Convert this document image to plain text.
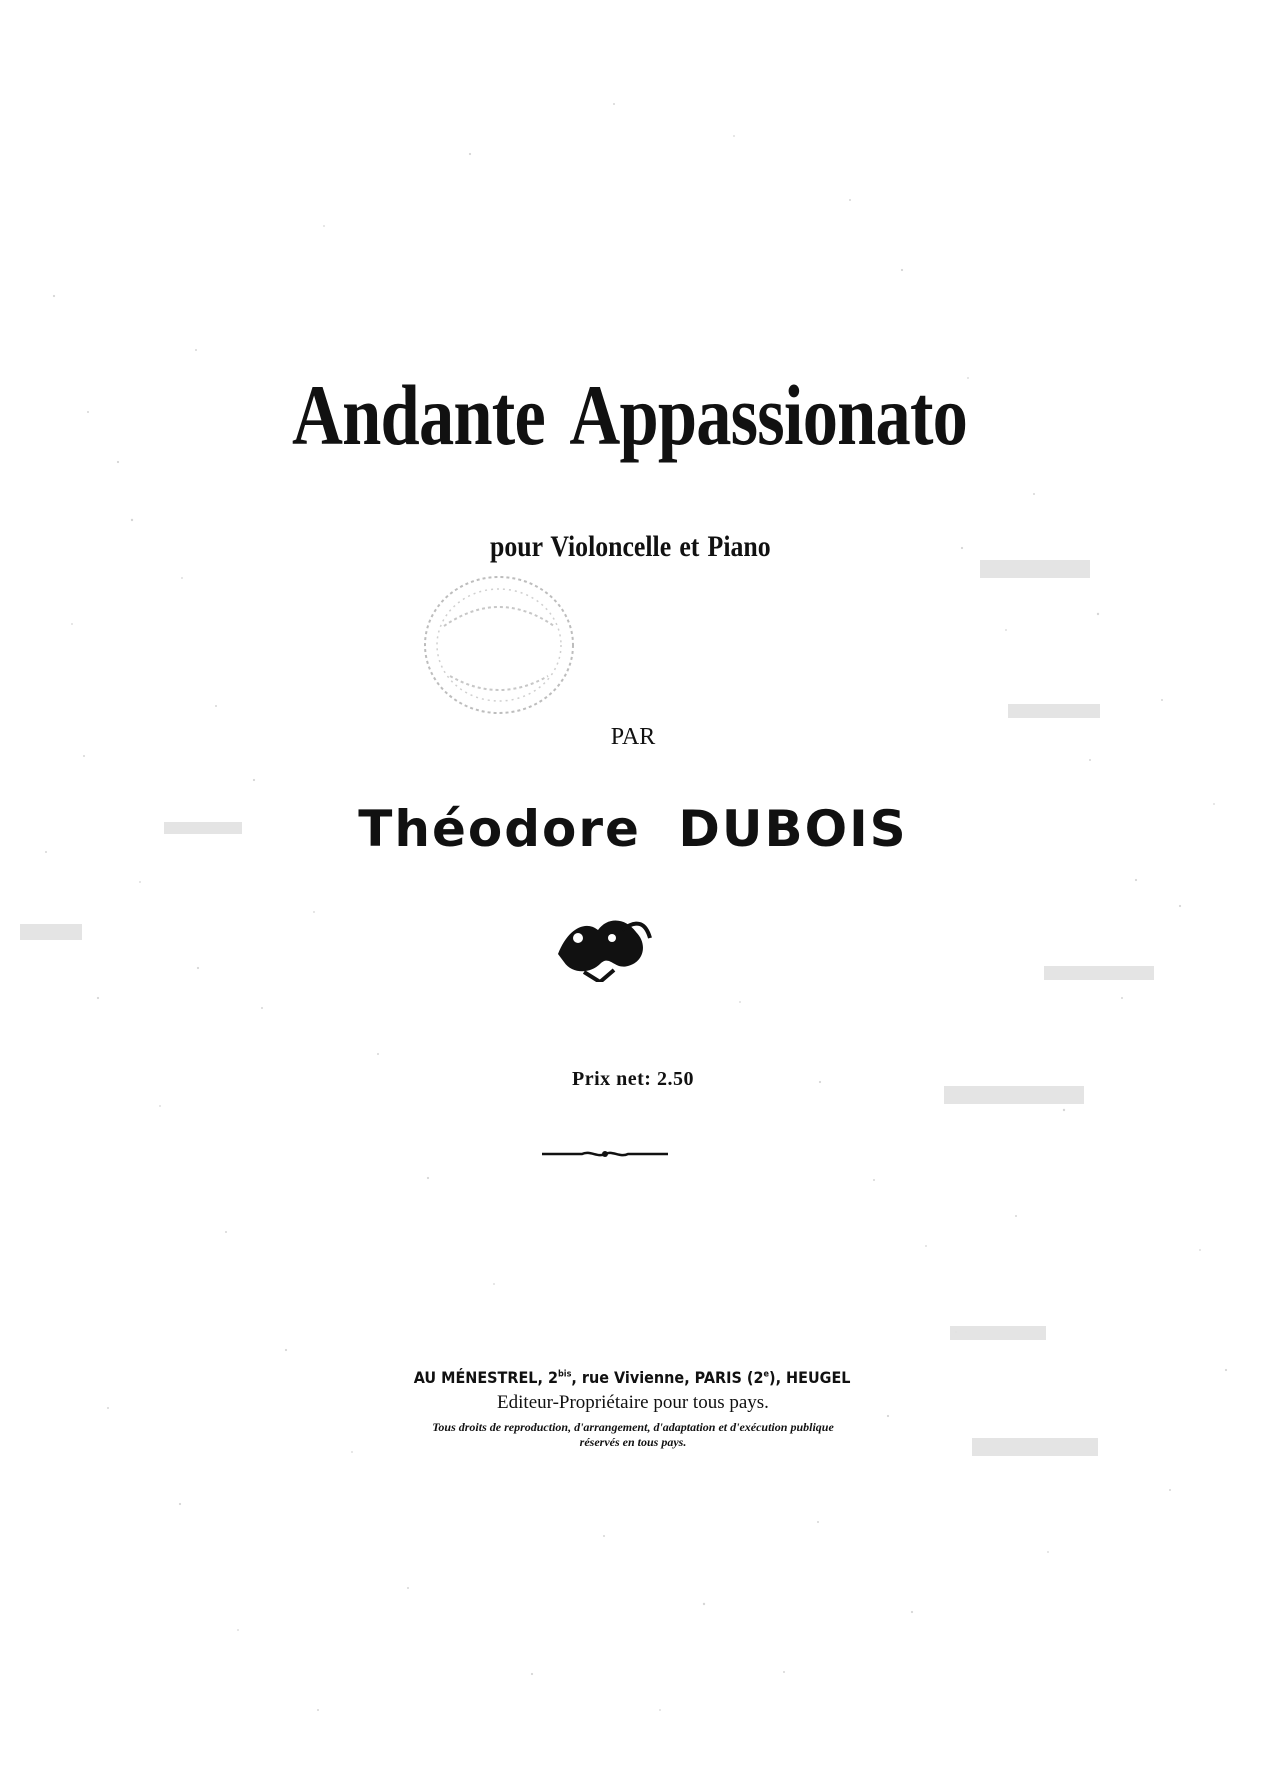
Andante Appassionato
pour Violoncelle et Piano
PAR
Théodore DUBOIS
Prix net: 2.50
AU MÉNESTREL, $2^{bis}$, rue Vivienne, PARIS (2e), HEUGEL
Editeur-Propriétaire pour tous pays.
Tous droits de reproduction, d'arrangement, d'adaptation et d'exécution publique
réservés en tous pays.
